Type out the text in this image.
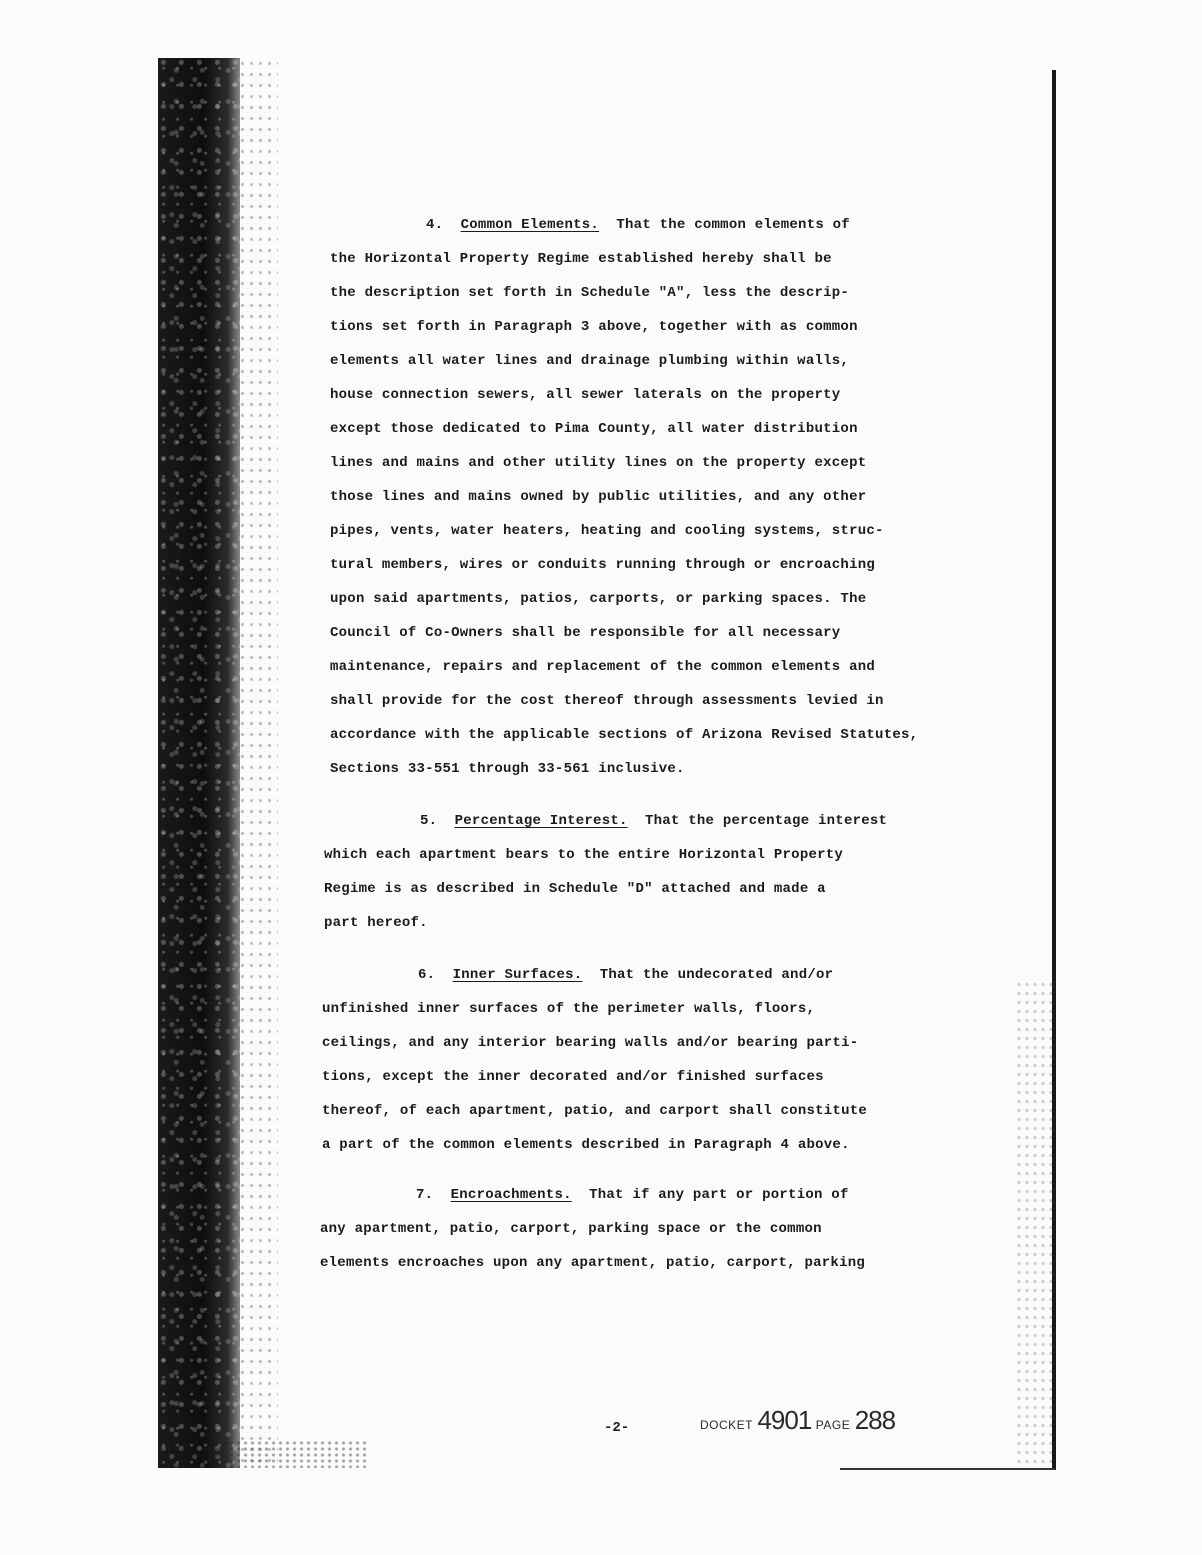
4. Common Elements. That the common elements of
the Horizontal Property Regime established hereby shall be
the description set forth in Schedule "A", less the descrip-
tions set forth in Paragraph 3 above, together with as common
elements all water lines and drainage plumbing within walls,
house connection sewers, all sewer laterals on the property
except those dedicated to Pima County, all water distribution
lines and mains and other utility lines on the property except
those lines and mains owned by public utilities, and any other
pipes, vents, water heaters, heating and cooling systems, struc-
tural members, wires or conduits running through or encroaching
upon said apartments, patios, carports, or parking spaces. The
Council of Co-Owners shall be responsible for all necessary
maintenance, repairs and replacement of the common elements and
shall provide for the cost thereof through assessments levied in
accordance with the applicable sections of Arizona Revised Statutes,
Sections 33-551 through 33-561 inclusive.
5. Percentage Interest. That the percentage interest
which each apartment bears to the entire Horizontal Property
Regime is as described in Schedule "D" attached and made a
part hereof.
6. Inner Surfaces. That the undecorated and/or
unfinished inner surfaces of the perimeter walls, floors,
ceilings, and any interior bearing walls and/or bearing parti-
tions, except the inner decorated and/or finished surfaces
thereof, of each apartment, patio, and carport shall constitute
a part of the common elements described in Paragraph 4 above.
7. Encroachments. That if any part or portion of
any apartment, patio, carport, parking space or the common
elements encroaches upon any apartment, patio, carport, parking
-2-	DOCKET 4901 PAGE 288
